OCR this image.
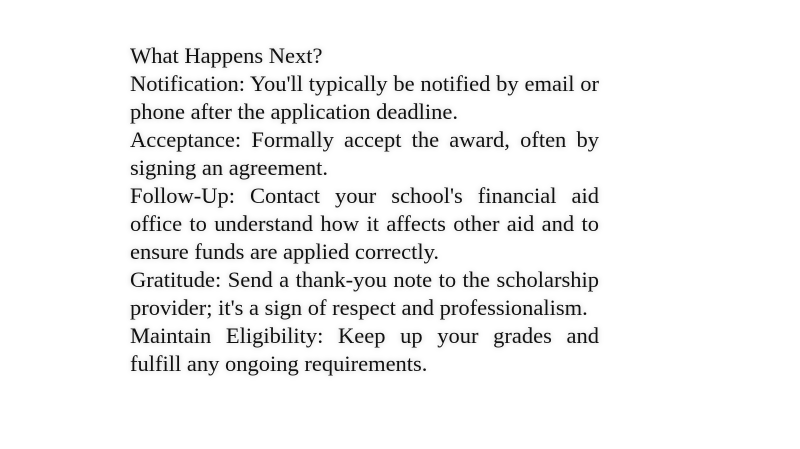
What Happens Next?
Notification: You'll typically be notified by email or phone after the application deadline.
Acceptance: Formally accept the award, often by signing an agreement.
Follow-Up: Contact your school's financial aid office to understand how it affects other aid and to ensure funds are applied correctly.
Gratitude: Send a thank-you note to the scholarship provider; it's a sign of respect and professionalism.
Maintain Eligibility: Keep up your grades and fulfill any ongoing requirements.
